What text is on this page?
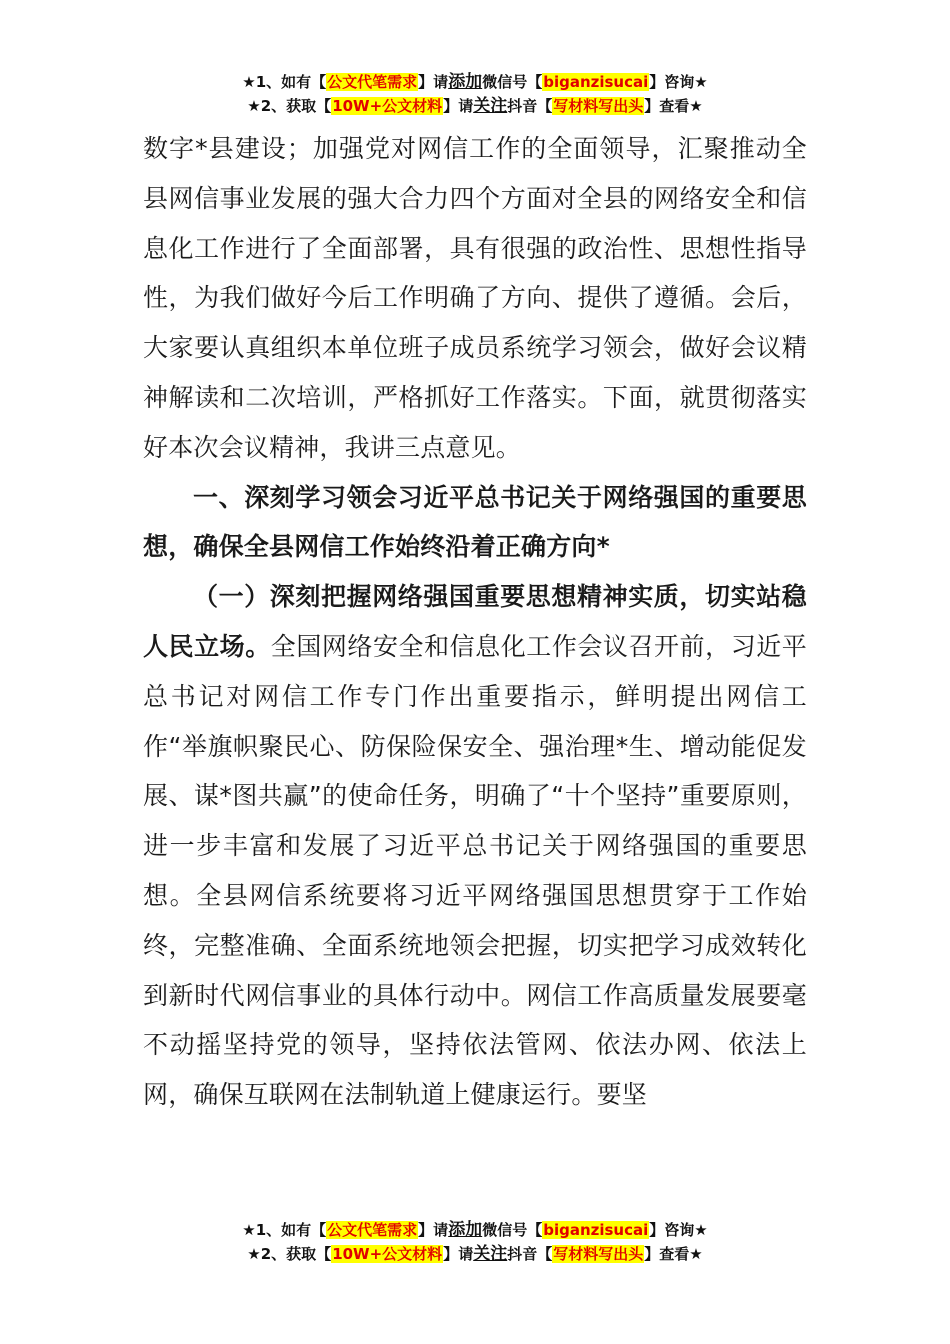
★1、如有【公文代笔需求】请添加微信号【biganzisucai】咨询★
★2、获取【10W+公文材料】请关注抖音【写材料写出头】查看★

数字*县建设；加强党对网信工作的全面领导，汇聚推动全县网信事业发展的强大合力四个方面对全县的网络安全和信息化工作进行了全面部署，具有很强的政治性、思想性指导性，为我们做好今后工作明确了方向、提供了遵循。会后，大家要认真组织本单位班子成员系统学习领会，做好会议精神解读和二次培训，严格抓好工作落实。下面，就贯彻落实好本次会议精神，我讲三点意见。

一、深刻学习领会习近平总书记关于网络强国的重要思想，确保全县网信工作始终沿着正确方向*

（一）深刻把握网络强国重要思想精神实质，切实站稳人民立场。全国网络安全和信息化工作会议召开前，习近平总书记对网信工作专门作出重要指示，鲜明提出网信工作“举旗帜聚民心、防保险保安全、强治理*生、增动能促发展、谋*图共赢”的使命任务，明确了“十个坚持”重要原则，进一步丰富和发展了习近平总书记关于网络强国的重要思想。全县网信系统要将习近平网络强国思想贯穿于工作始终，完整准确、全面系统地领会把握，切实把学习成效转化到新时代网信事业的具体行动中。网信工作高质量发展要毫不动摇坚持党的领导，坚持依法管网、依法办网、依法上网，确保互联网在法制轨道上健康运行。要坚

★1、如有【公文代笔需求】请添加微信号【biganzisucai】咨询★
★2、获取【10W+公文材料】请关注抖音【写材料写出头】查看★
